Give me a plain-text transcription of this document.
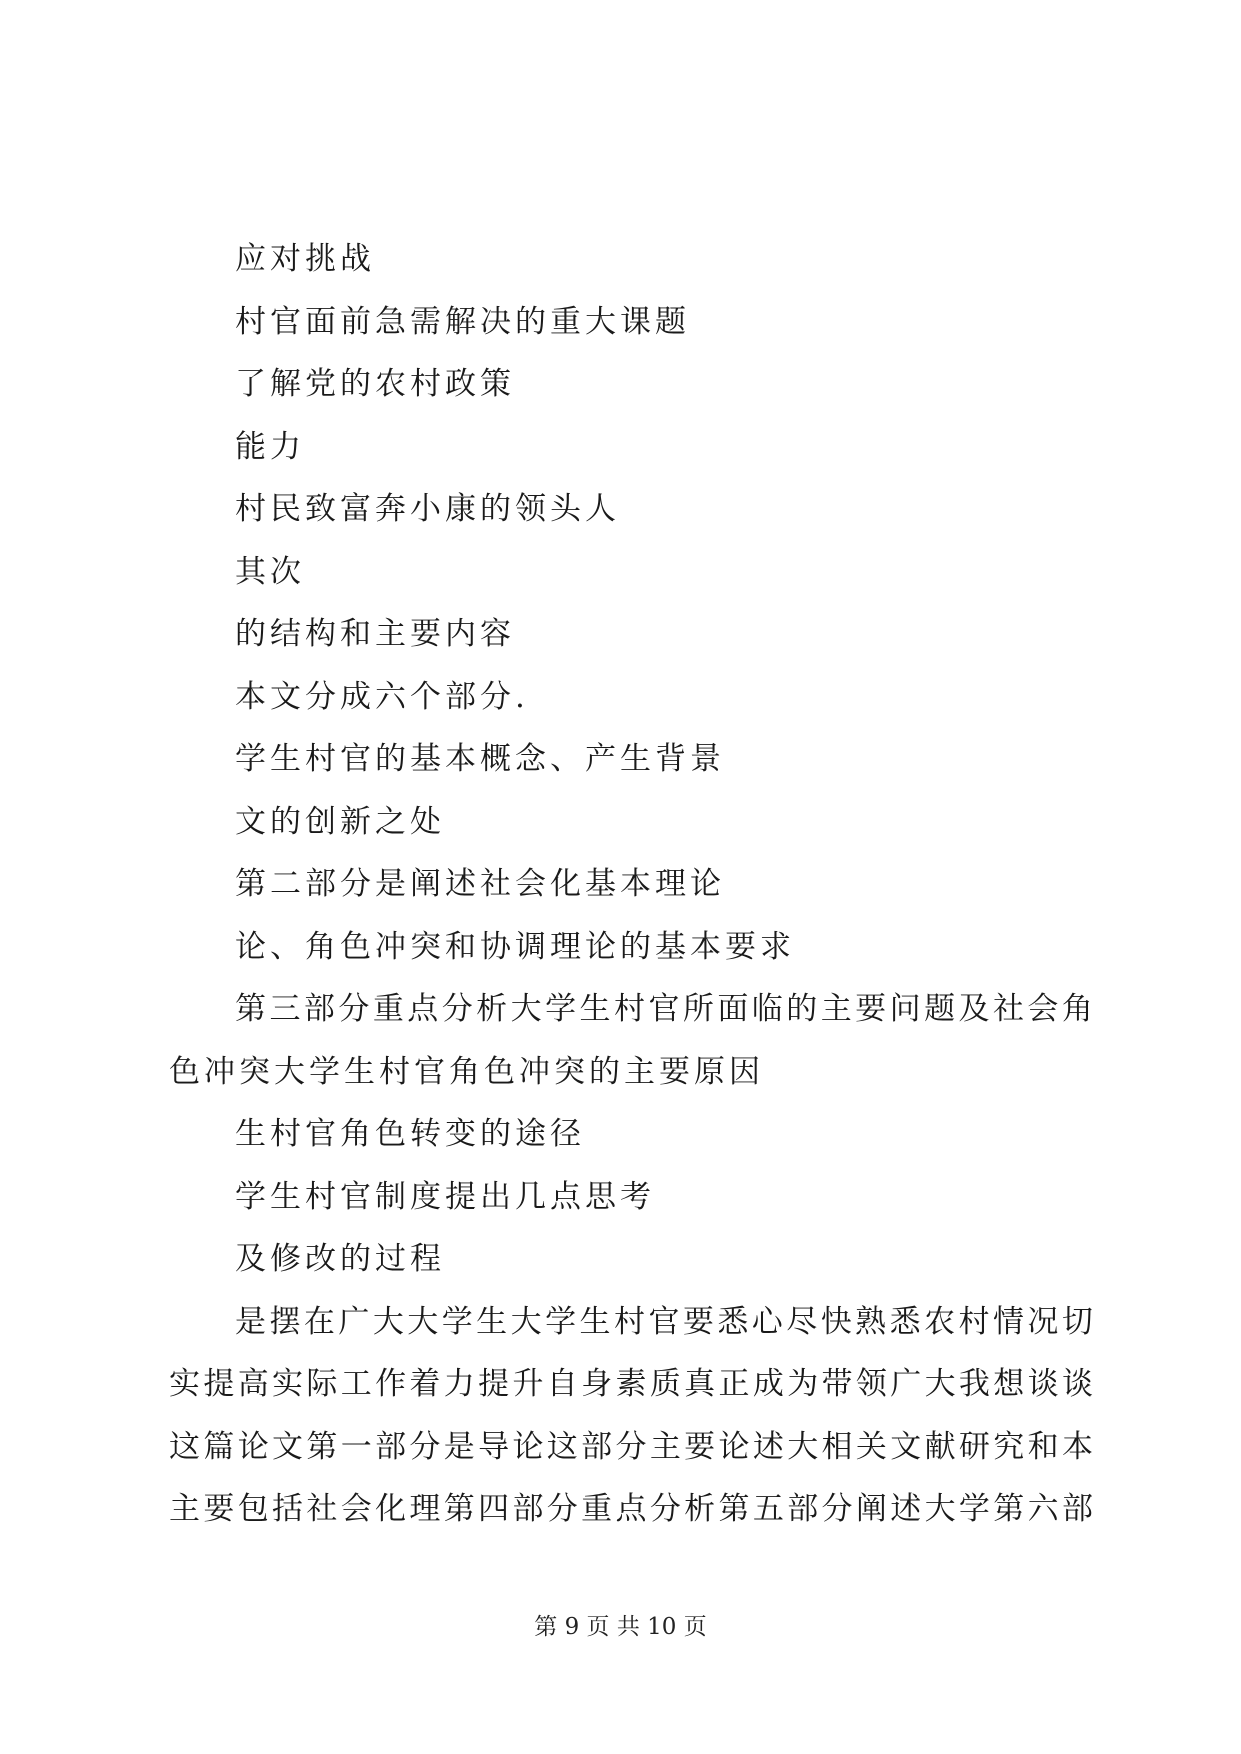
应对挑战
村官面前急需解决的重大课题
了解党的农村政策
能力
村民致富奔小康的领头人
其次
的结构和主要内容
本文分成六个部分.
学生村官的基本概念、产生背景
文的创新之处
第二部分是阐述社会化基本理论
论、角色冲突和协调理论的基本要求
第 三 部 分 重 点 分 析 大 学 生 村 官 所 面 临 的 主 要 问 题 及 社 会 角
色冲突大学生村官角色冲突的主要原因
生村官角色转变的途径
学生村官制度提出几点思考
及修改的过程
是 摆 在 广 大 大 学 生 大 学 生 村 官 要 悉 心 尽 快 熟 悉 农 村 情 况 切
实 提 高 实 际 工 作 着 力 提 升 自 身 素 质 真 正 成 为 带 领 广 大 我 想 谈 谈
这 篇 论 文 第 一 部 分 是 导 论 这 部 分 主 要 论 述 大 相 关 文 献 研 究 和 本
主 要 包 括 社 会 化 理 第 四 部 分 重 点 分 析 第 五 部 分 阐 述 大 学 第 六 部
第 9 页 共 10 页
